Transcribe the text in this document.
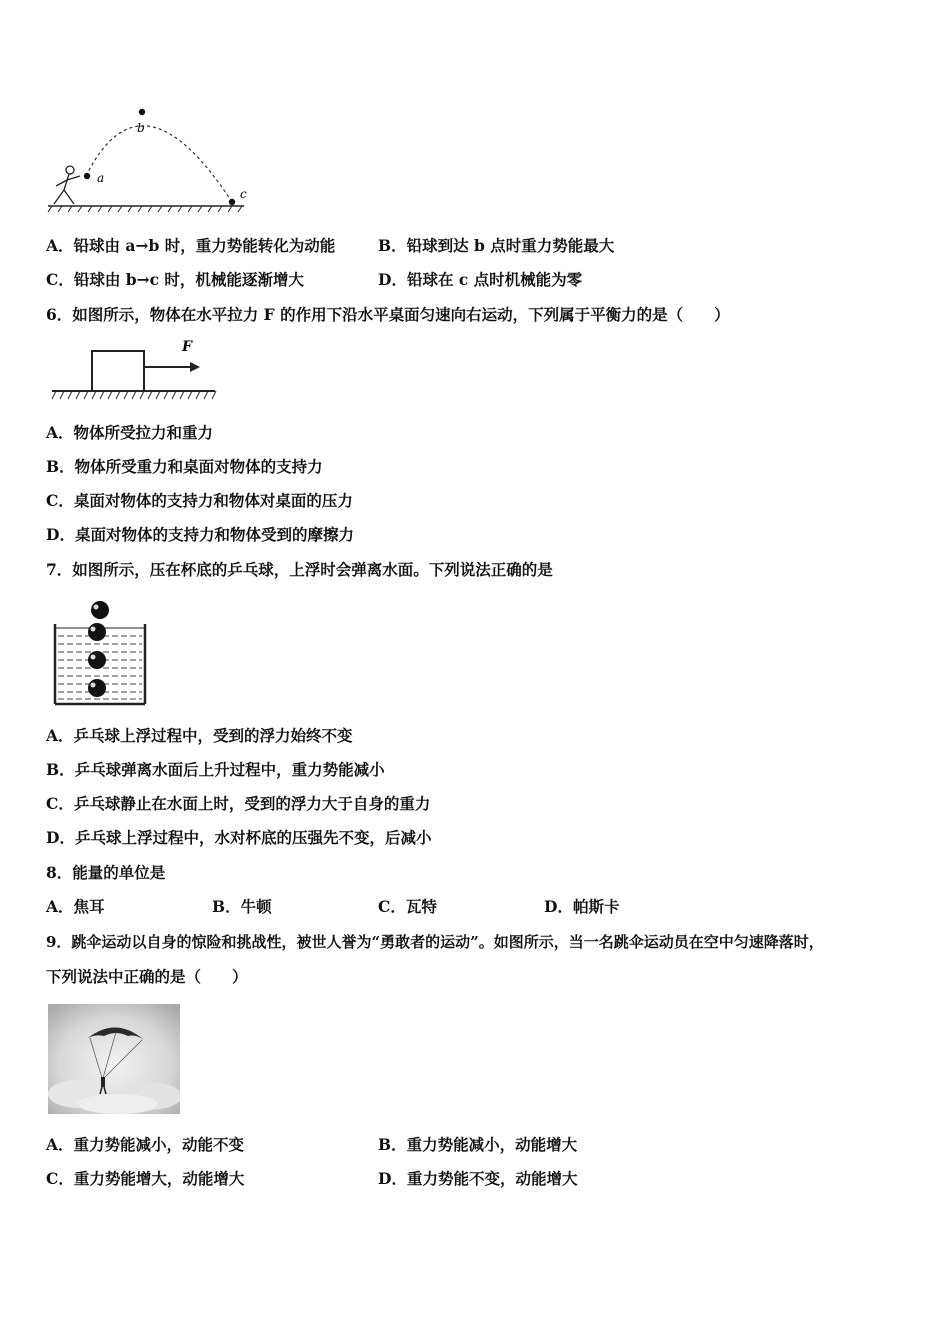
a
b
c
A．铅球由 a→b 时，重力势能转化为动能	B．铅球到达 b 点时重力势能最大
C．铅球由 b→c 时，机械能逐渐增大	D．铅球在 c 点时机械能为零
6．如图所示，物体在水平拉力 F 的作用下沿水平桌面匀速向右运动，下列属于平衡力的是（　　）
F
A．物体所受拉力和重力
B．物体所受重力和桌面对物体的支持力
C．桌面对物体的支持力和物体对桌面的压力
D．桌面对物体的支持力和物体受到的摩擦力
7．如图所示，压在杯底的乒乓球，上浮时会弹离水面。下列说法正确的是
A．乒乓球上浮过程中，受到的浮力始终不变
B．乒乓球弹离水面后上升过程中，重力势能减小
C．乒乓球静止在水面上时，受到的浮力大于自身的重力
D．乒乓球上浮过程中，水对杯底的压强先不变，后减小
8．能量的单位是
A．焦耳	B．牛顿	C．瓦特	D．帕斯卡
9．跳伞运动以自身的惊险和挑战性，被世人誉为“勇敢者的运动”。如图所示，当一名跳伞运动员在空中匀速降落时，
下列说法中正确的是（　　）
A．重力势能减小，动能不变	B．重力势能减小，动能增大
C．重力势能增大，动能增大	D．重力势能不变，动能增大
